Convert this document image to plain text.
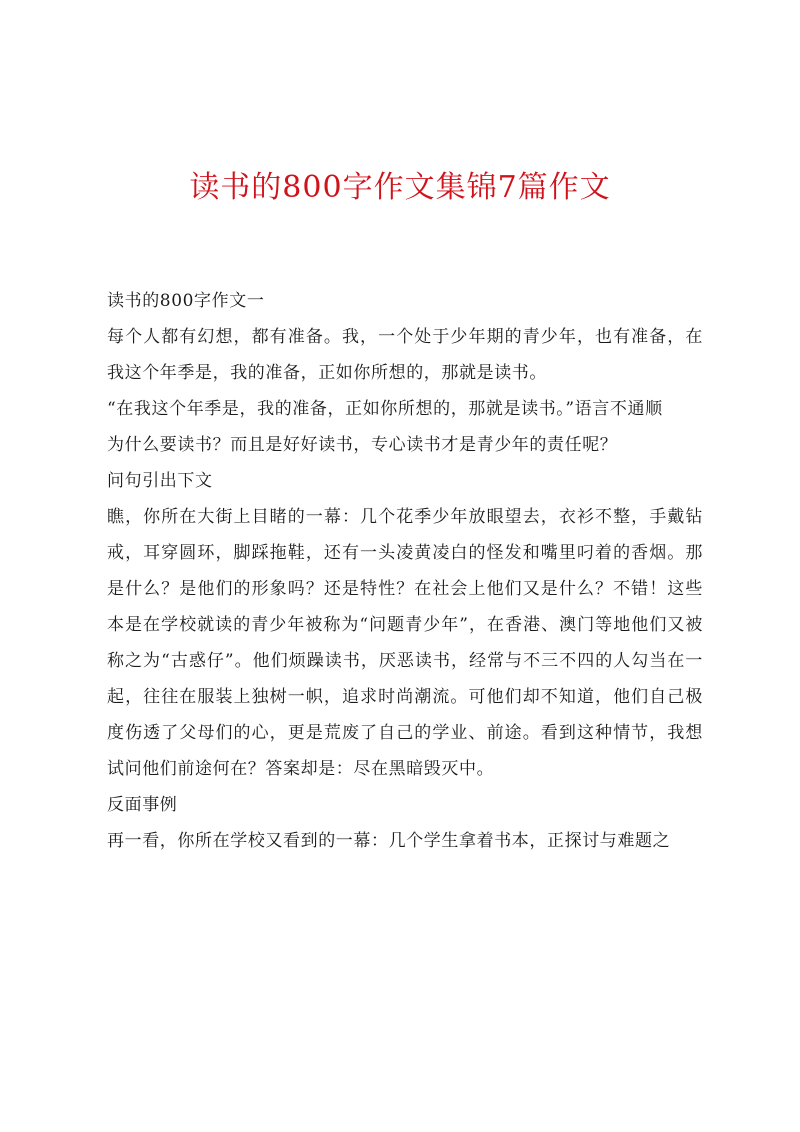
读书的800字作文集锦7篇作文

读书的800字作文一

每个人都有幻想，都有准备。我，一个处于少年期的青少年，也有准备，在我这个年季是，我的准备，正如你所想的，那就是读书。

“在我这个年季是，我的准备，正如你所想的，那就是读书。”语言不通顺

为什么要读书？而且是好好读书，专心读书才是青少年的责任呢？

问句引出下文

瞧，你所在大街上目睹的一幕：几个花季少年放眼望去，衣衫不整，手戴钻戒，耳穿圆环，脚踩拖鞋，还有一头凌黄凌白的怪发和嘴里叼着的香烟。那是什么？是他们的形象吗？还是特性？在社会上他们又是什么？不错！这些本是在学校就读的青少年被称为“问题青少年”，在香港、澳门等地他们又被称之为“古惑仔”。他们烦躁读书，厌恶读书，经常与不三不四的人勾当在一起，往往在服装上独树一帜，追求时尚潮流。可他们却不知道，他们自己极度伤透了父母们的心，更是荒废了自己的学业、前途。看到这种情节，我想试问他们前途何在？答案却是：尽在黑暗毁灭中。

反面事例

再一看，你所在学校又看到的一幕：几个学生拿着书本，正探讨与难题之
